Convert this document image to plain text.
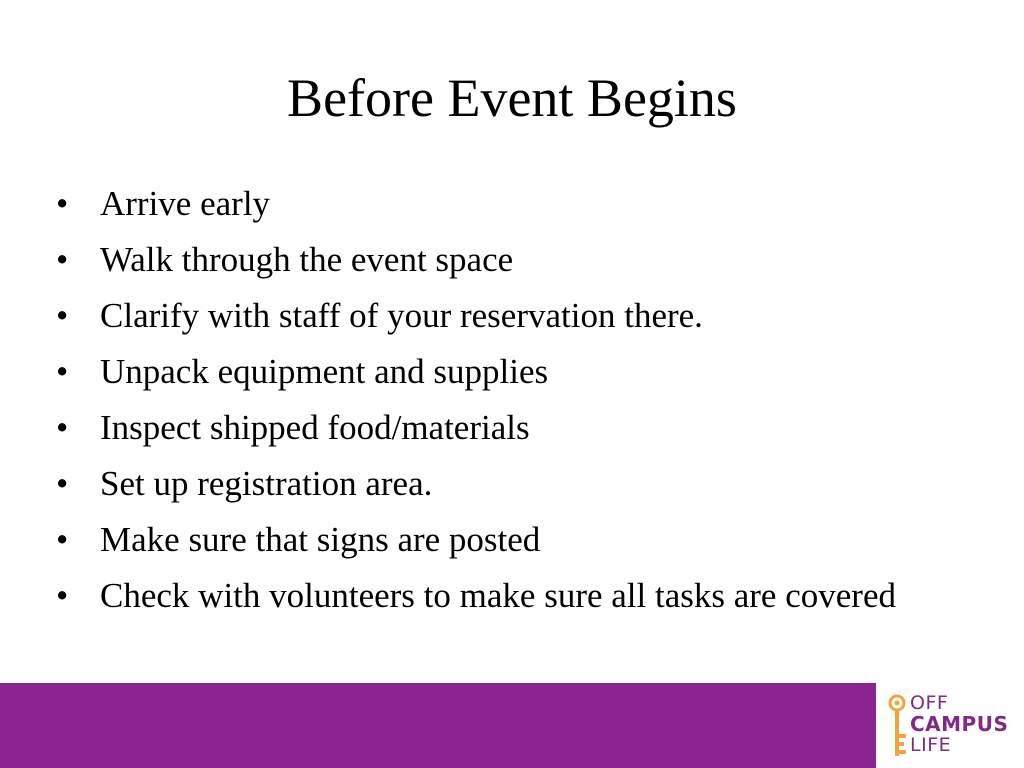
Before Event Begins
• Arrive early
• Walk through the event space
• Clarify with staff of your reservation there.
• Unpack equipment and supplies
• Inspect shipped food/materials
• Set up registration area.
• Make sure that signs are posted
• Check with volunteers to make sure all tasks are covered
OFF
CAMPUS
LIFE
